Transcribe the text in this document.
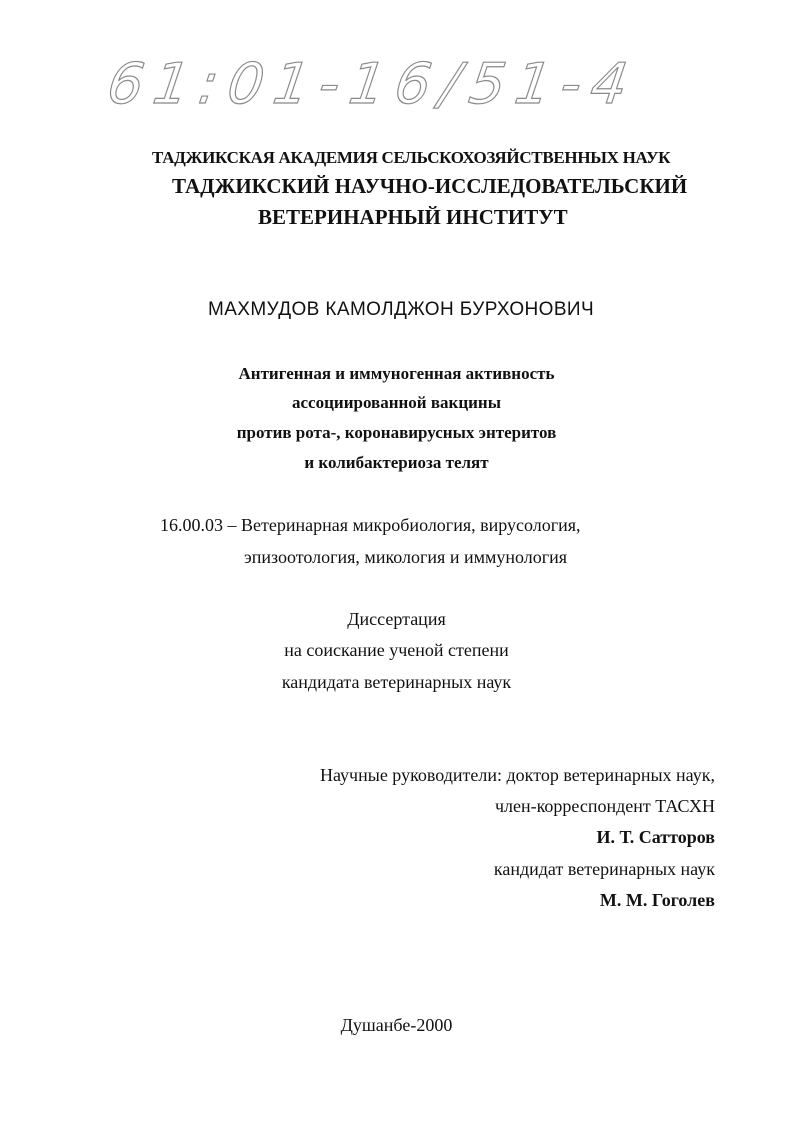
61:01-16/51-4
ТАДЖИКСКАЯ АКАДЕМИЯ СЕЛЬСКОХОЗЯЙСТВЕННЫХ НАУК
ТАДЖИКСКИЙ НАУЧНО-ИССЛЕДОВАТЕЛЬСКИЙ
ВЕТЕРИНАРНЫЙ ИНСТИТУТ
МАХМУДОВ КАМОЛДЖОН БУРХОНОВИЧ
Антигенная и иммуногенная активность
ассоциированной вакцины
против рота-, коронавирусных энтеритов
и колибактериоза телят
16.00.03 – Ветеринарная микробиология, вирусология,
эпизоотология, микология и иммунология
Диссертация
на соискание ученой степени
кандидата ветеринарных наук
Научные руководители: доктор ветеринарных наук,
член-корреспондент ТАСХН
И. Т. Сатторов
кандидат ветеринарных наук
М. М. Гоголев
Душанбе-2000
